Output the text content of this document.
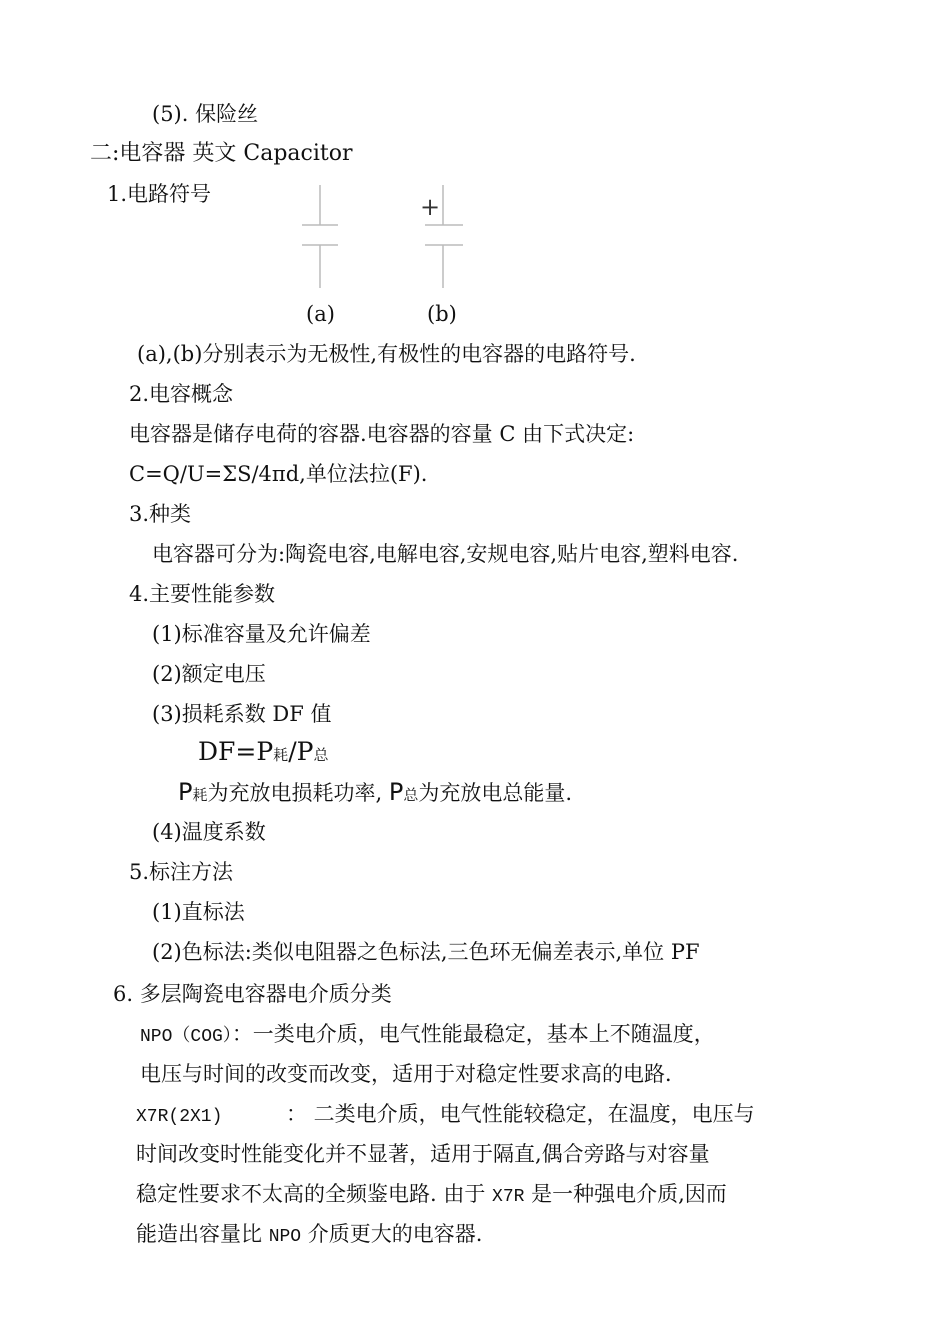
(5). 保险丝
二:电容器 英文 Capacitor
1.电路符号	+
(a)	(b)
(a),(b)分别表示为无极性,有极性的电容器的电路符号.
2.电容概念
电容器是储存电荷的容器.电容器的容量 C 由下式决定:
C=Q/U=ΣS/4πd,单位法拉(F).
3.种类
电容器可分为:陶瓷电容,电解电容,安规电容,贴片电容,塑料电容.
4.主要性能参数
(1)标准容量及允许偏差
(2)额定电压
(3)损耗系数 DF 值
DF=P耗/P总
P耗为充放电损耗功率, P总为充放电总能量.
(4)温度系数
5.标注方法
(1)直标法
(2)色标法:类似电阻器之色标法,三色环无偏差表示,单位 PF
6. 多层陶瓷电容器电介质分类
NPO（COG）：一类电介质，电气性能最稳定，基本上不随温度，
电压与时间的改变而改变，适用于对稳定性要求高的电路．
X7R(2X1)	： 二类电介质，电气性能较稳定，在温度，电压与
时间改变时性能变化并不显著，适用于隔直,偶合旁路与对容量
稳定性要求不太高的全频鉴电路. 由于 X7R 是一种强电介质,因而
能造出容量比 NPO 介质更大的电容器.
